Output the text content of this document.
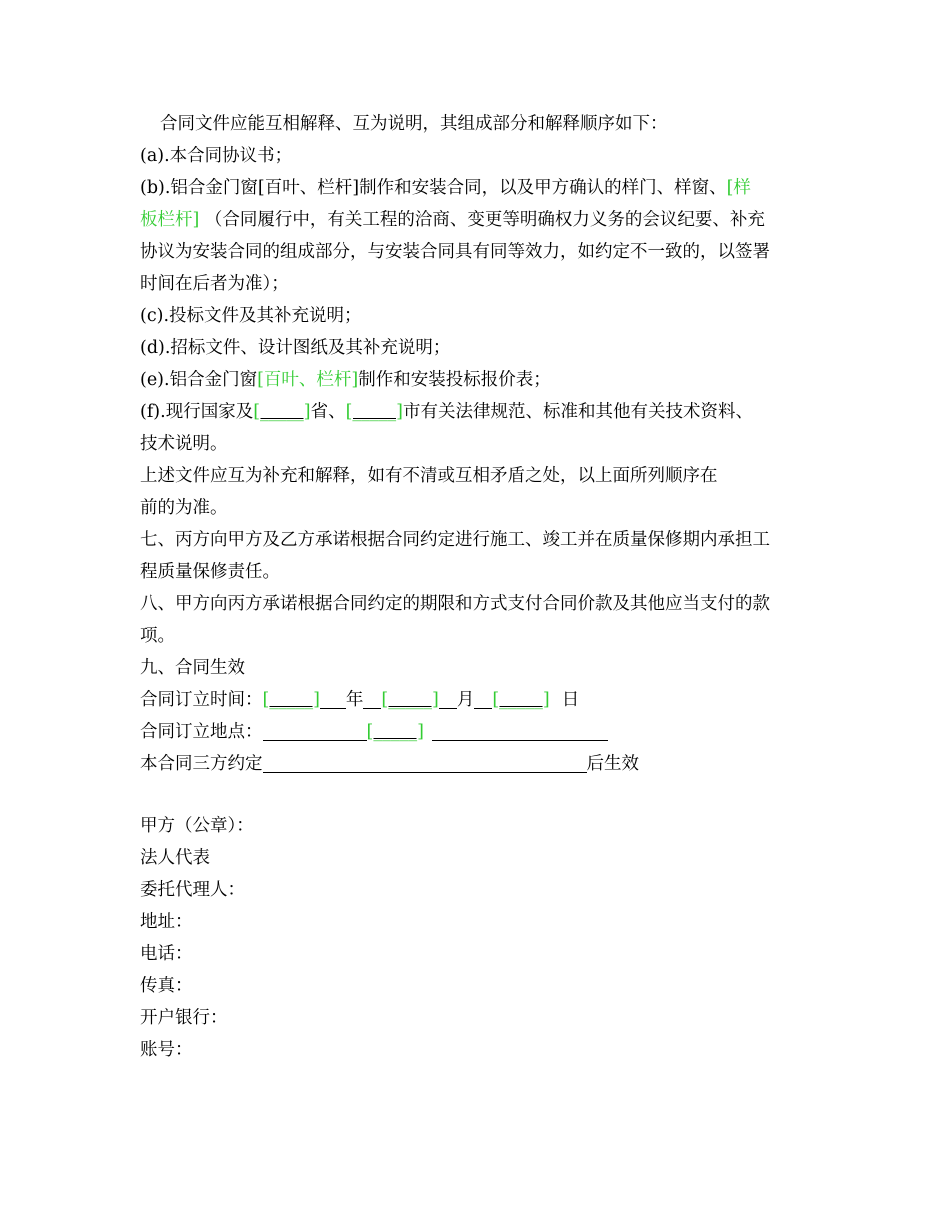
合同文件应能互相解释、互为说明，其组成部分和解释顺序如下：
(a).本合同协议书；
(b).铝合金门窗[百叶、栏杆]制作和安装合同，以及甲方确认的样门、样窗、[样
板栏杆] （合同履行中，有关工程的洽商、变更等明确权力义务的会议纪要、补充
协议为安装合同的组成部分，与安装合同具有同等效力，如约定不一致的，以签署
时间在后者为准）；
(c).投标文件及其补充说明；
(d).招标文件、设计图纸及其补充说明；
(e).铝合金门窗[百叶、栏杆]制作和安装投标报价表；
(f).现行国家及[_____]省、[_____]市有关法律规范、标准和其他有关技术资料、
技术说明。
上述文件应互为补充和解释，如有不清或互相矛盾之处，以上面所列顺序在
前的为准。
七、丙方向甲方及乙方承诺根据合同约定进行施工、竣工并在质量保修期内承担工
程质量保修责任。
八、甲方向丙方承诺根据合同约定的期限和方式支付合同价款及其他应当支付的款
项。
九、合同生效
合同订立时间：[_____] 年 [_____] 月 [_____] 日
合同订立地点：	[_____]
本合同三方约定	后生效
甲方（公章）：
法人代表
委托代理人：
地址：
电话：
传真：
开户银行：
账号：
